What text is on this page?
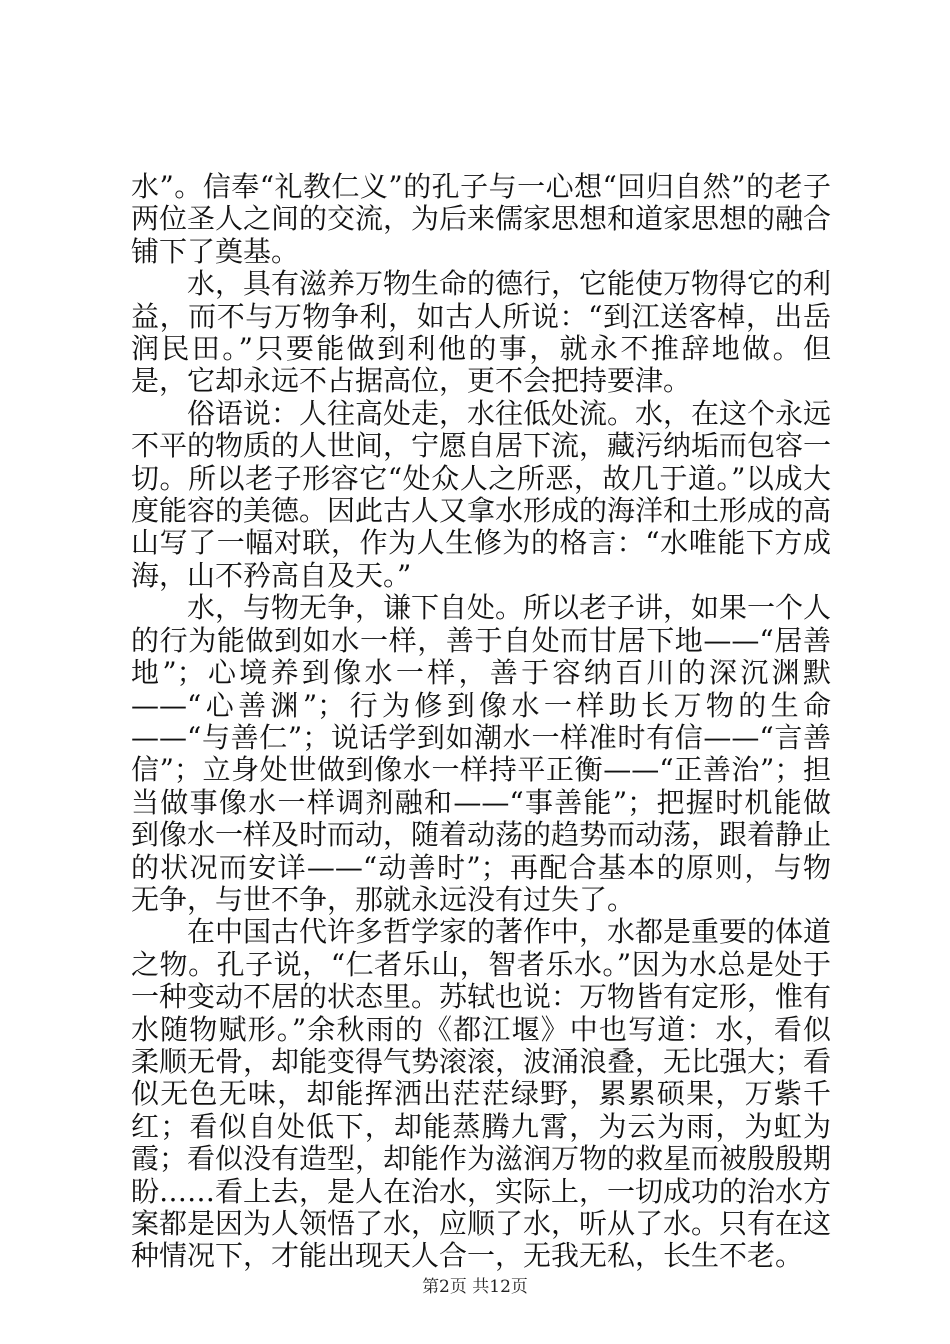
水”。信奉“礼教仁义”的孔子与一心想“回归自然”的老子两位圣人之间的交流，为后来儒家思想和道家思想的融合铺下了奠基。

水，具有滋养万物生命的德行，它能使万物得它的利益，而不与万物争利，如古人所说：“到江送客棹，出岳润民田。”只要能做到利他的事，就永不推辞地做。但是，它却永远不占据高位，更不会把持要津。

俗语说：人往高处走，水往低处流。水，在这个永远不平的物质的人世间，宁愿自居下流，藏污纳垢而包容一切。所以老子形容它“处众人之所恶，故几于道。”以成大度能容的美德。因此古人又拿水形成的海洋和土形成的高山写了一幅对联，作为人生修为的格言：“水唯能下方成海，山不矜高自及天。”

水，与物无争，谦下自处。所以老子讲，如果一个人的行为能做到如水一样，善于自处而甘居下地——“居善地”；心境养到像水一样，善于容纳百川的深沉渊默——“心善渊”；行为修到像水一样助长万物的生命——“与善仁”；说话学到如潮水一样准时有信——“言善信”；立身处世做到像水一样持平正衡——“正善治”；担当做事像水一样调剂融和——“事善能”；把握时机能做到像水一样及时而动，随着动荡的趋势而动荡，跟着静止的状况而安详——“动善时”；再配合基本的原则，与物无争，与世不争，那就永远没有过失了。

在中国古代许多哲学家的著作中，水都是重要的体道之物。孔子说，“仁者乐山，智者乐水。”因为水总是处于一种变动不居的状态里。苏轼也说：万物皆有定形，惟有水随物赋形。”余秋雨的《都江堰》中也写道：水，看似柔顺无骨，却能变得气势滚滚，波涌浪叠，无比强大；看似无色无味，却能挥洒出茫茫绿野，累累硕果，万紫千红；看似自处低下，却能蒸腾九霄，为云为雨，为虹为霞；看似没有造型，却能作为滋润万物的救星而被殷殷期盼……看上去，是人在治水，实际上，一切成功的治水方案都是因为人领悟了水，应顺了水，听从了水。只有在这种情况下，才能出现天人合一，无我无私，长生不老。

第2页 共12页
